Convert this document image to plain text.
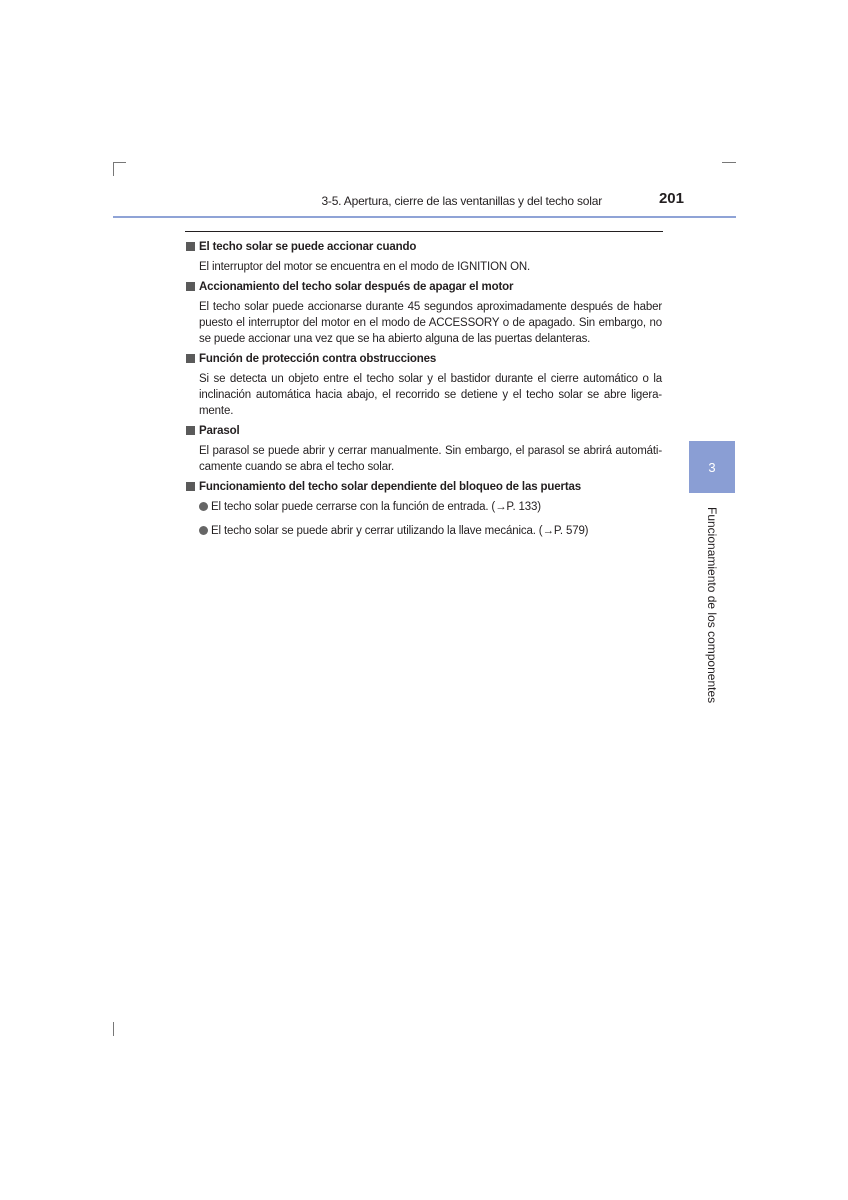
3-5. Apertura, cierre de las ventanillas y del techo solar	201

El techo solar se puede accionar cuando

El interruptor del motor se encuentra en el modo de IGNITION ON.

Accionamiento del techo solar después de apagar el motor

El techo solar puede accionarse durante 45 segundos aproximadamente después de haber puesto el interruptor del motor en el modo de ACCESSORY o de apagado. Sin embargo, no se puede accionar una vez que se ha abierto alguna de las puertas delanteras.

Función de protección contra obstrucciones

Si se detecta un objeto entre el techo solar y el bastidor durante el cierre automático o la inclinación automática hacia abajo, el recorrido se detiene y el techo solar se abre ligera-mente.

Parasol

El parasol se puede abrir y cerrar manualmente. Sin embargo, el parasol se abrirá automáti-camente cuando se abra el techo solar.

Funcionamiento del techo solar dependiente del bloqueo de las puertas

El techo solar puede cerrarse con la función de entrada. (→P. 133)

El techo solar se puede abrir y cerrar utilizando la llave mecánica. (→P. 579)

3
Funcionamiento de los componentes
